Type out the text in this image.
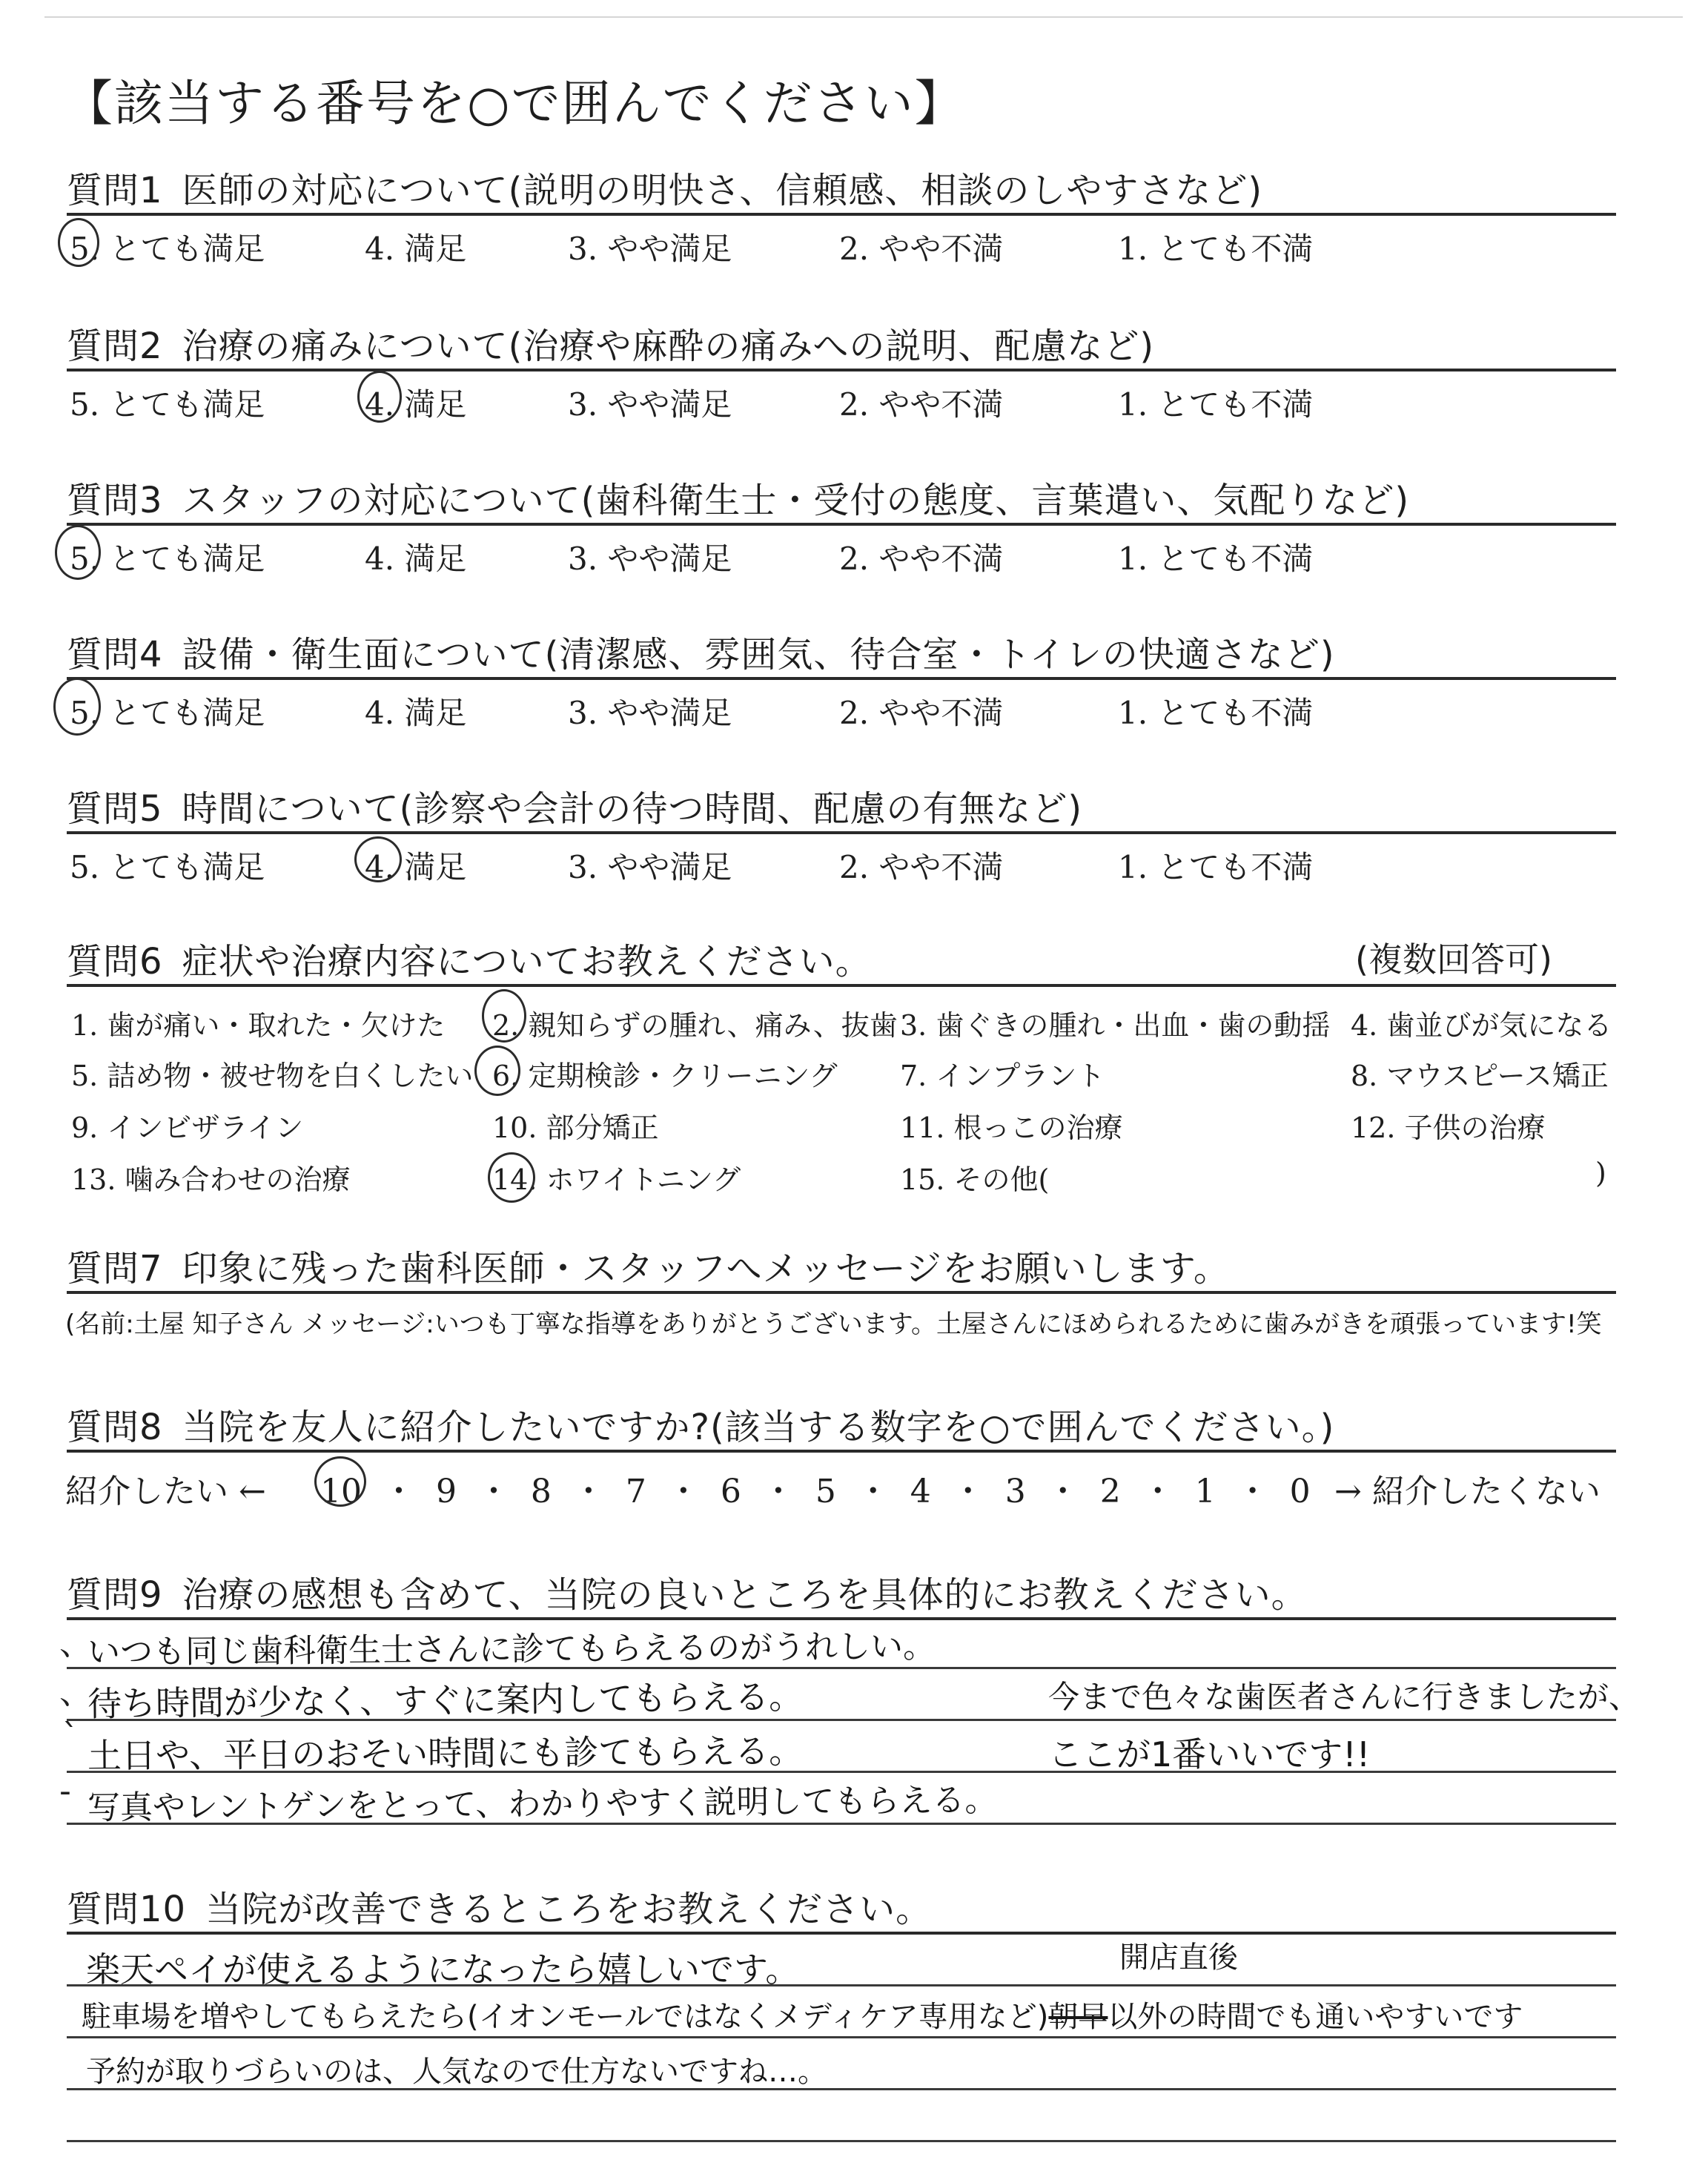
【該当する番号を○で囲んでください】
質問1 医師の対応について(説明の明快さ、信頼感、相談のしやすさなど)
5. とても満足	4. 満足	3. やや満足	2. やや不満	1. とても不満
質問2 治療の痛みについて(治療や麻酔の痛みへの説明、配慮など)
5. とても満足	4. 満足	3. やや満足	2. やや不満	1. とても不満
質問3 スタッフの対応について(歯科衛生士・受付の態度、言葉遣い、気配りなど)
5. とても満足	4. 満足	3. やや満足	2. やや不満	1. とても不満
質問4 設備・衛生面について(清潔感、雰囲気、待合室・トイレの快適さなど)
5. とても満足	4. 満足	3. やや満足	2. やや不満	1. とても不満
質問5 時間について(診察や会計の待つ時間、配慮の有無など)
5. とても満足	4. 満足	3. やや満足	2. やや不満	1. とても不満
質問6 症状や治療内容についてお教えください。	(複数回答可)
1. 歯が痛い・取れた・欠けた 2. 親知らずの腫れ、痛み、抜歯 3. 歯ぐきの腫れ・出血・歯の動揺 4. 歯並びが気になる
5. 詰め物・被せ物を白くしたい 6. 定期検診・クリーニング 7. インプラント	8. マウスピース矯正
9. インビザライン	10. 部分矯正	11. 根っこの治療	12. 子供の治療
13. 噛み合わせの治療	14. ホワイトニング	15. その他(	)
質問7 印象に残った歯科医師・スタッフへメッセージをお願いします。
(名前:土屋 知子さん メッセージ:いつも丁寧な指導をありがとうございます。土屋さんにほめられるために歯みがきを頑張っています!笑
質問8 当院を友人に紹介したいですか?(該当する数字を○で囲んでください。)
紹介したい ← 10 ・ 9 ・ 8 ・ 7 ・ 6 ・ 5 ・ 4 ・ 3 ・ 2 ・ 1 ・ 0 → 紹介したくない
質問9 治療の感想も含めて、当院の良いところを具体的にお教えください。
、
、
ˋ
-
いつも同じ歯科衛生士さんに診てもらえるのがうれしい。
待ち時間が少なく、すぐに案内してもらえる。
土日や、平日のおそい時間にも診てもらえる。
写真やレントゲンをとって、わかりやすく説明してもらえる。
今まで色々な歯医者さんに行きましたが、
ここが1番いいです!!
質問10 当院が改善できるところをお教えください。
開店直後
楽天ペイが使えるようになったら嬉しいです。
駐車場を増やしてもらえたら(イオンモールではなくメディケア専用など)朝早以外の時間でも通いやすいです
予約が取りづらいのは、人気なので仕方ないですね…。
